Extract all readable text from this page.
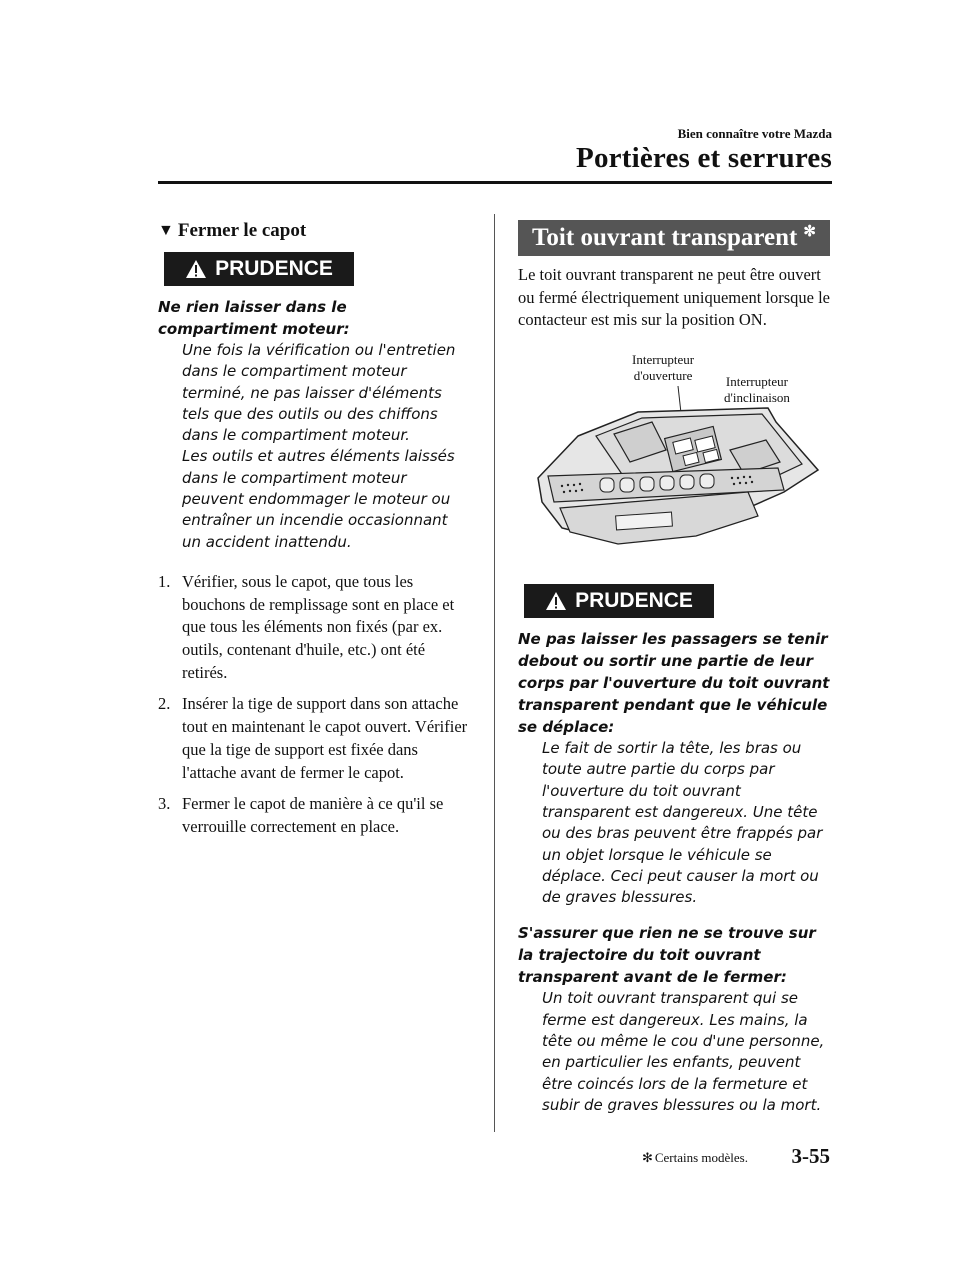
Bien connaître votre Mazda
Portières et serrures
▼ Fermer le capot
PRUDENCE
Ne rien laisser dans le compartiment moteur:

Une fois la vérification ou l'entretien dans le compartiment moteur terminé, ne pas laisser d'éléments tels que des outils ou des chiffons dans le compartiment moteur.

Les outils et autres éléments laissés dans le compartiment moteur peuvent endommager le moteur ou entraîner un incendie occasionnant un accident inattendu.

1. Vérifier, sous le capot, que tous les bouchons de remplissage sont en place et que tous les éléments non fixés (par ex. outils, contenant d'huile, etc.) ont été retirés.
2. Insérer la tige de support dans son attache tout en maintenant le capot ouvert. Vérifier que la tige de support est fixée dans l'attache avant de fermer le capot.
3. Fermer le capot de manière à ce qu'il se verrouille correctement en place.
Toit ouvrant transparent ✻
Le toit ouvrant transparent ne peut être ouvert ou fermé électriquement uniquement lorsque le contacteur est mis sur la position ON.
Interrupteur
d'ouverture	Interrupteur
d'inclinaison
PRUDENCE
Ne pas laisser les passagers se tenir debout ou sortir une partie de leur corps par l'ouverture du toit ouvrant transparent pendant que le véhicule se déplace:
Le fait de sortir la tête, les bras ou toute autre partie du corps par l'ouverture du toit ouvrant transparent est dangereux. Une tête ou des bras peuvent être frappés par un objet lorsque le véhicule se déplace. Ceci peut causer la mort ou de graves blessures.
S'assurer que rien ne se trouve sur la trajectoire du toit ouvrant transparent avant de le fermer:
Un toit ouvrant transparent qui se ferme est dangereux. Les mains, la tête ou même le cou d'une personne, en particulier les enfants, peuvent être coincés lors de la fermeture et subir de graves blessures ou la mort.
✻ Certains modèles. 3-55
